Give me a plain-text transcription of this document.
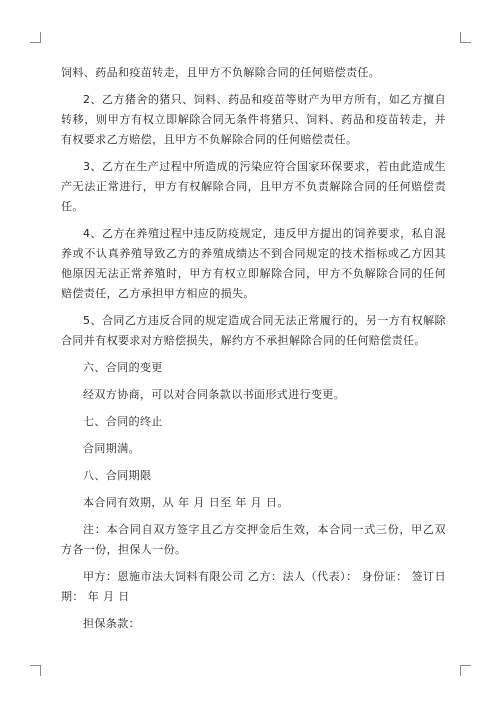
饲料、药品和疫苗转走，且甲方不负解除合同的任何赔偿责任。

2、乙方猪舍的猪只、饲料、药品和疫苗等财产为甲方所有，如乙方擅自转移，则甲方有权立即解除合同无条件将猪只、饲料、药品和疫苗转走，并有权要求乙方赔偿，且甲方不负解除合同的任何赔偿责任。

3、乙方在生产过程中所造成的污染应符合国家环保要求，若由此造成生产无法正常进行，甲方有权解除合同，且甲方不负责解除合同的任何赔偿责任。

4、乙方在养殖过程中违反防疫规定，违反甲方提出的饲养要求，私自混养或不认真养殖导致乙方的养殖成绩达不到合同规定的技术指标或乙方因其他原因无法正常养殖时，甲方有权立即解除合同，甲方不负解除合同的任何赔偿责任，乙方承担甲方相应的损失。

5、合同乙方违反合同的规定造成合同无法正常履行的，另一方有权解除合同并有权要求对方赔偿损失，解约方不承担解除合同的任何赔偿责任。

六、合同的变更

经双方协商，可以对合同条款以书面形式进行变更。

七、合同的终止

合同期满。

八、合同期限

本合同有效期，从 年 月 日至 年 月 日。

注：本合同自双方签字且乙方交押金后生效，本合同一式三份，甲乙双方各一份，担保人一份。

甲方：恩施市法大饲料有限公司 乙方：法人（代表）： 身份证： 签订日期： 年 月 日

担保条款：
